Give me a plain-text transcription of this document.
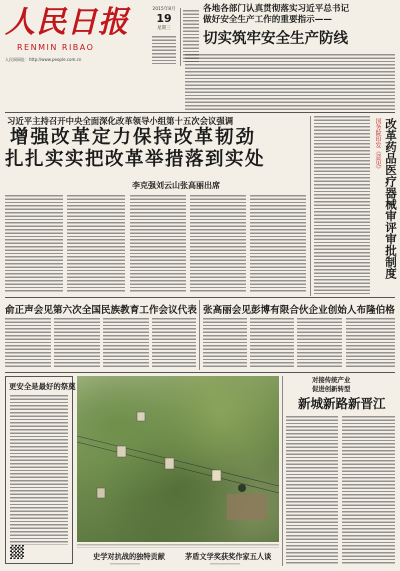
人民日报
RENMIN RIBAO
人民网网址：http://www.people.com.cn
2015年8月
19
星期三
各地各部门认真贯彻落实习近平总书记
做好安全生产工作的重要指示——
切实筑牢安全生产防线
习近平主持召开中央全面深化改革领导小组第十五次会议强调
增强改革定力保持改革韧劲
扎扎实实把改革举措落到实处
李克强刘云山张高丽出席
国务院印发《意见》 改革药品医疗器械审评审批制度
俞正声会见第六次全国民族教育工作会议代表 张高丽会见彭博有限合伙企业创始人布隆伯格
更安全是最好的祭奠
对接传统产业
促进创新转型
新城新路新晋江
史学对抗战的独特贡献	茅盾文学奖获奖作家五人谈
